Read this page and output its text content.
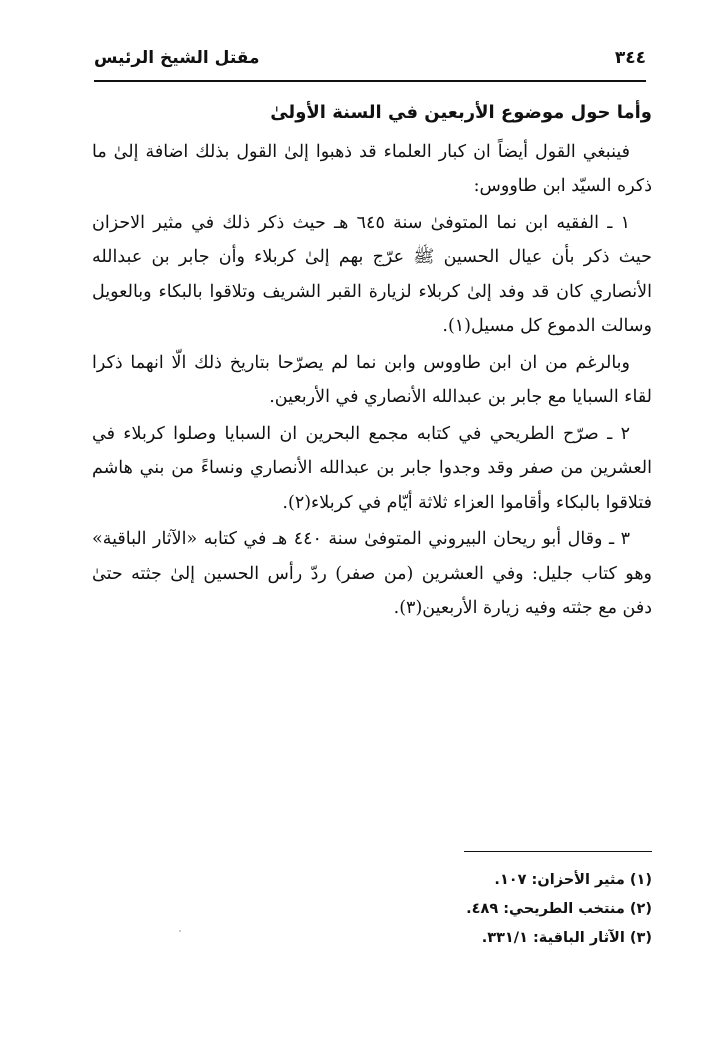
٣٤٤
مقتل الشيخ الرئيس
وأما حول موضوع الأربعين في السنة الأولىٰ

فينبغي القول أيضاً ان كبار العلماء قد ذهبوا إلىٰ القول بذلك اضافة إلىٰ ما ذكره السيّد ابن طاووس:

١ ـ الفقيه ابن نما المتوفىٰ سنة ٦٤٥ هـ حيث ذكر ذلك في مثير الاحزان حيث ذكر بأن عيال الحسين ﷺ عرّج بهم إلىٰ كربلاء وأن جابر بن عبدالله الأنصاري كان قد وفد إلىٰ كربلاء لزيارة القبر الشريف وتلاقوا بالبكاء وبالعويل وسالت الدموع كل مسيل(١).

وبالرغم من ان ابن طاووس وابن نما لم يصرّحا بتاريخ ذلك الّا انهما ذكرا لقاء السبايا مع جابر بن عبدالله الأنصاري في الأربعين.

٢ ـ صرّح الطريحي في كتابه مجمع البحرين ان السبايا وصلوا كربلاء في العشرين من صفر وقد وجدوا جابر بن عبدالله الأنصاري ونساءً من بني هاشم فتلاقوا بالبكاء وأقاموا العزاء ثلاثة أيّام في كربلاء(٢).

٣ ـ وقال أبو ريحان البيروني المتوفىٰ سنة ٤٤٠ هـ في كتابه «الآثار الباقية» وهو كتاب جليل: وفي العشرين (من صفر) ردّ رأس الحسين إلىٰ جثته حتىٰ دفن مع جثته وفيه زيارة الأربعين(٣).

(١) مثير الأحزان: ١٠٧.

(٢) منتخب الطريحي: ٤٨٩.

(٣) الآثار الباقية: ٣٣١/١.
